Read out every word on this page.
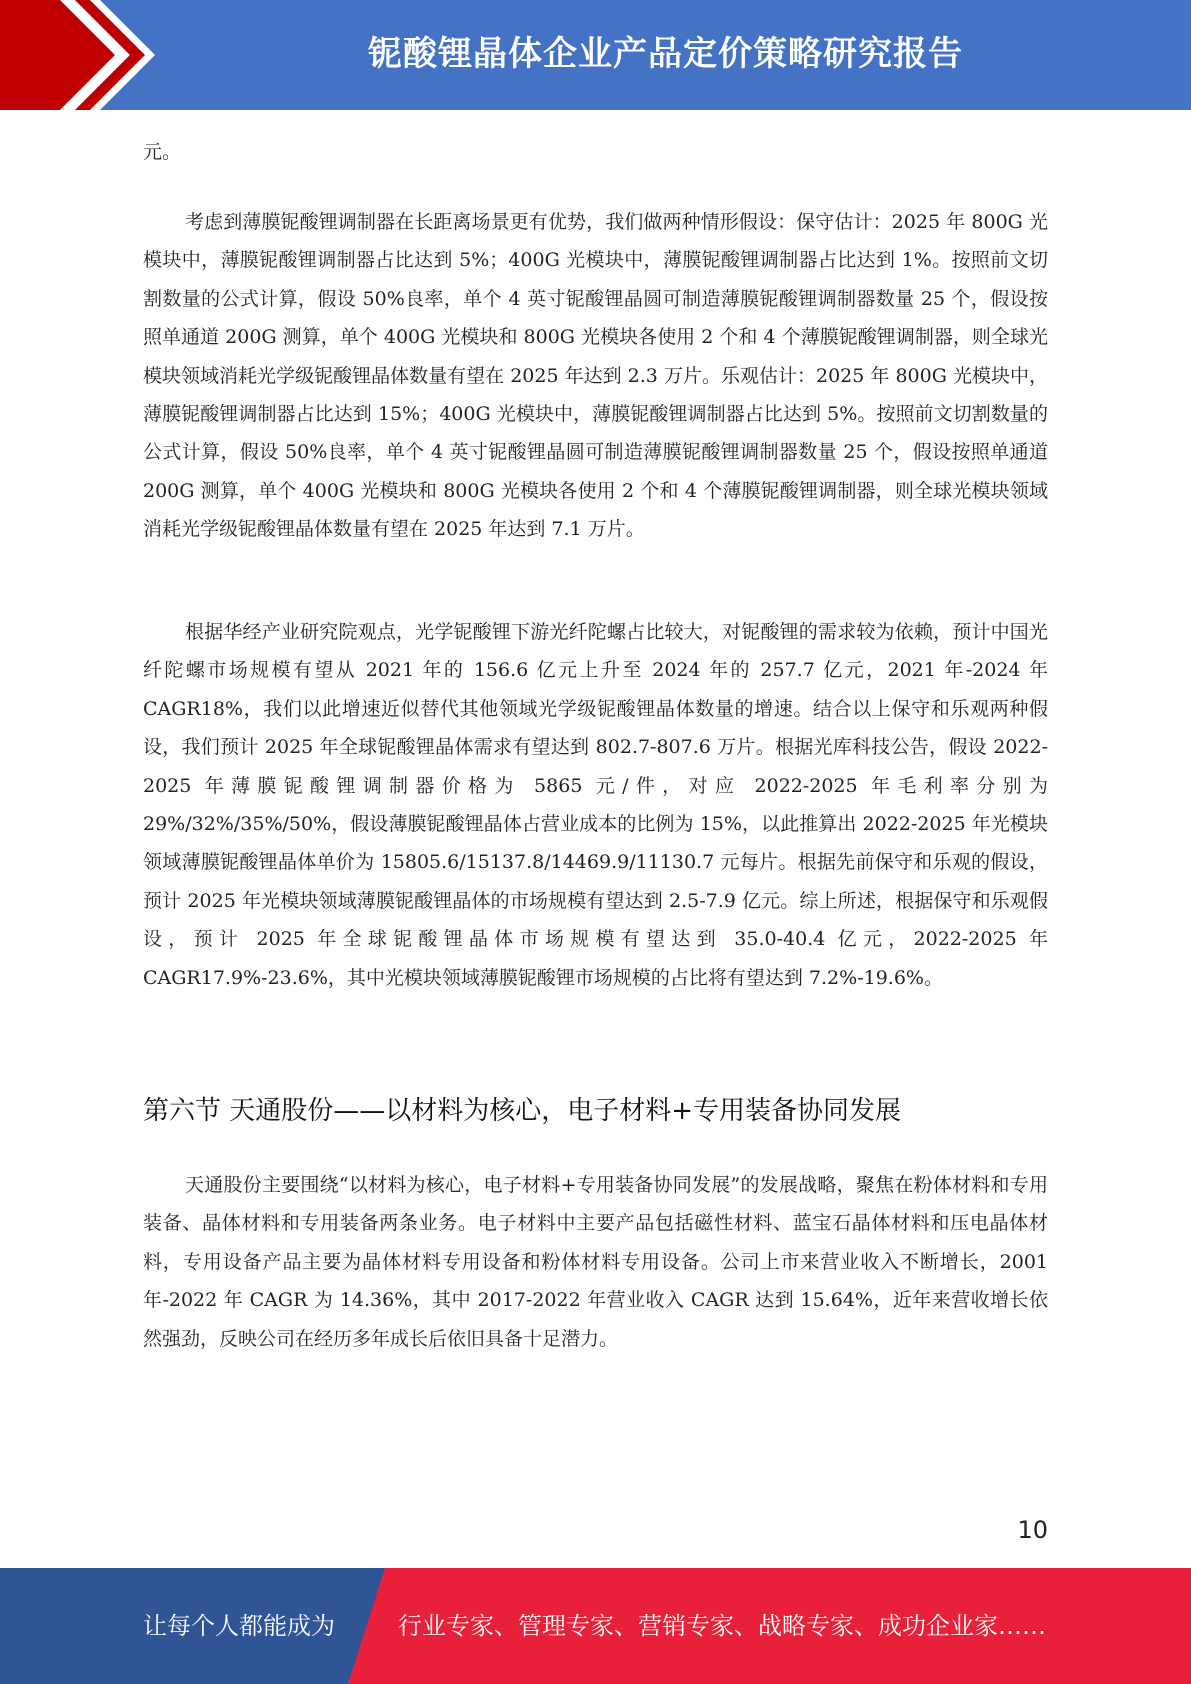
铌酸锂晶体企业产品定价策略研究报告

元。

考虑到薄膜铌酸锂调制器在长距离场景更有优势，我们做两种情形假设：保守估计：2025 年 800G 光模块中，薄膜铌酸锂调制器占比达到 5%；400G 光模块中，薄膜铌酸锂调制器占比达到 1%。按照前文切割数量的公式计算，假设 50%良率，单个 4 英寸铌酸锂晶圆可制造薄膜铌酸锂调制器数量 25 个，假设按照单通道 200G 测算，单个 400G 光模块和 800G 光模块各使用 2 个和 4 个薄膜铌酸锂调制器，则全球光模块领域消耗光学级铌酸锂晶体数量有望在 2025 年达到 2.3 万片。乐观估计：2025 年 800G 光模块中，薄膜铌酸锂调制器占比达到 15%；400G 光模块中，薄膜铌酸锂调制器占比达到 5%。按照前文切割数量的公式计算，假设 50%良率，单个 4 英寸铌酸锂晶圆可制造薄膜铌酸锂调制器数量 25 个，假设按照单通道 200G 测算，单个 400G 光模块和 800G 光模块各使用 2 个和 4 个薄膜铌酸锂调制器，则全球光模块领域消耗光学级铌酸锂晶体数量有望在 2025 年达到 7.1 万片。

根据华经产业研究院观点，光学铌酸锂下游光纤陀螺占比较大，对铌酸锂的需求较为依赖，预计中国光纤陀螺市场规模有望从 2021 年的 156.6 亿元上升至 2024 年的 257.7 亿元，2021 年-2024 年 CAGR18%，我们以此增速近似替代其他领域光学级铌酸锂晶体数量的增速。结合以上保守和乐观两种假设，我们预计 2025 年全球铌酸锂晶体需求有望达到 802.7-807.6 万片。根据光库科技公告，假设 2022-2025 年薄膜铌酸锂调制器价格为 5865 元/件，对应 2022-2025 年毛利率分别为 29%/32%/35%/50%，假设薄膜铌酸锂晶体占营业成本的比例为 15%，以此推算出 2022-2025 年光模块领域薄膜铌酸锂晶体单价为 15805.6/15137.8/14469.9/11130.7 元每片。根据先前保守和乐观的假设，预计 2025 年光模块领域薄膜铌酸锂晶体的市场规模有望达到 2.5-7.9 亿元。综上所述，根据保守和乐观假设，预计 2025 年全球铌酸锂晶体市场规模有望达到 35.0-40.4 亿元，2022-2025 年 CAGR17.9%-23.6%，其中光模块领域薄膜铌酸锂市场规模的占比将有望达到 7.2%-19.6%。

第六节 天通股份——以材料为核心，电子材料+专用装备协同发展

天通股份主要围绕“以材料为核心，电子材料+专用装备协同发展”的发展战略，聚焦在粉体材料和专用装备、晶体材料和专用装备两条业务。电子材料中主要产品包括磁性材料、蓝宝石晶体材料和压电晶体材料，专用设备产品主要为晶体材料专用设备和粉体材料专用设备。公司上市来营业收入不断增长，2001 年-2022 年 CAGR 为 14.36%，其中 2017-2022 年营业收入 CAGR 达到 15.64%，近年来营收增长依然强劲，反映公司在经历多年成长后依旧具备十足潜力。

10
让每个人都能成为	行业专家、管理专家、营销专家、战略专家、成功企业家……
